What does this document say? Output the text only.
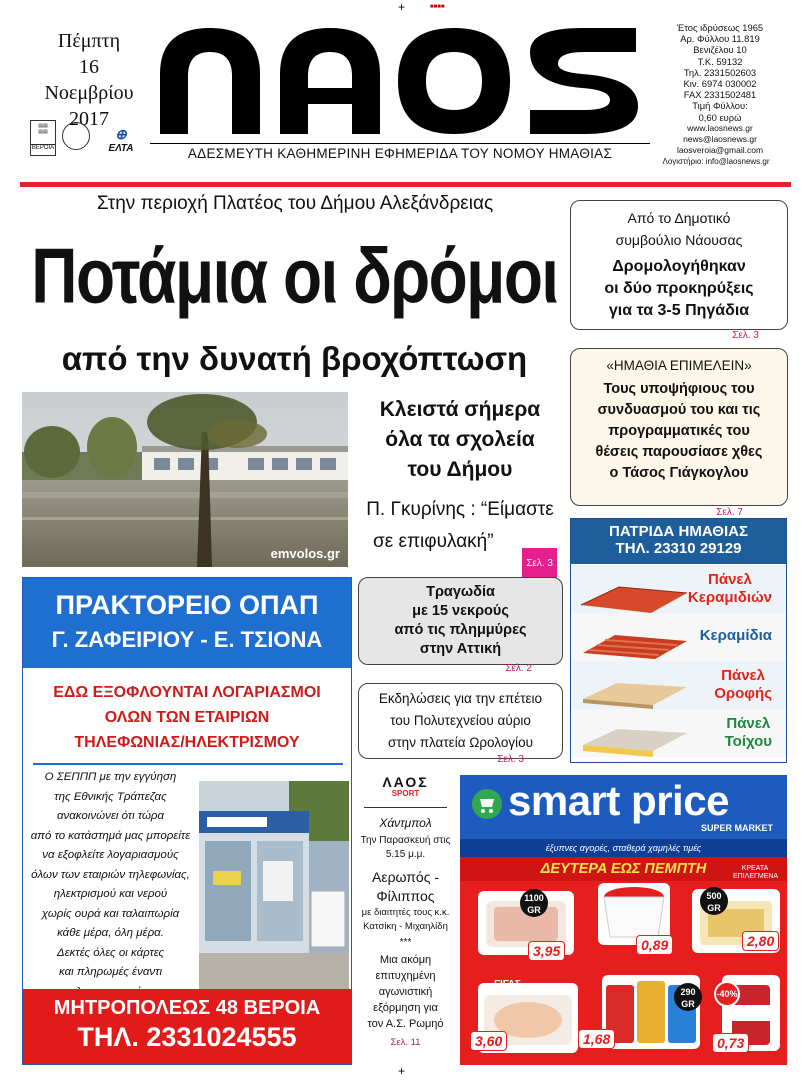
+	■■■■
+
Πέμπτη
16
Νοεμβρίου
2017
▤▤
▤▤
ΒΕΡΟΙΑ
⊕
ΕΛΤΑ	ΑΔΕΣΜΕΥΤΗ ΚΑΘΗΜΕΡΙΝΗ ΕΦΗΜΕΡΙΔΑ ΤΟΥ ΝΟΜΟΥ ΗΜΑΘΙΑΣ
Έτος ιδρύσεως 1965
Αρ. Φύλλου 11.819
Βενιζέλου 10
Τ.Κ. 59132
Τηλ. 2331502603
Κιν. 6974 030002
FAX 2331502481
Τιμή Φύλλου:
0,60 ευρώ
www.laosnews.gr
news@laosnews.gr
laosveroia@gmail.com
Λογιστήριο: info@laosnews.gr
Στην περιοχή Πλατέος του Δήμου Αλεξάνδρειας
Ποτάμια οι δρόμοι
από την δυνατή βροχόπτωση
emvolos.gr
Κλειστά σήμερα
όλα τα σχολεία
του Δήμου
Π. Γκυρίνης : “Είμαστε
σε επιφυλακή”
Σελ. 3
Από το Δημοτικό
συμβούλιο Νάουσας
Δρομολογήθηκαν
οι δύο προκηρύξεις
για τα 3-5 Πηγάδια
Σελ. 3
«ΗΜΑΘΙΑ ΕΠΙΜΕΛΕΙΝ»
Τους υποψήφιους του
συνδυασμού του και τις
προγραμματικές του
θέσεις παρουσίασε χθες
ο Τάσος Γιάγκογλου
Σελ. 7
ΠΡΑΚΤΟΡΕΙΟ ΟΠΑΠ
Γ. ΖΑΦΕΙΡΙΟΥ - Ε. ΤΣΙΟΝΑ
ΕΔΩ ΕΞΟΦΛΟΥΝΤΑΙ ΛΟΓΑΡΙΑΣΜΟΙ
ΟΛΩΝ ΤΩΝ ΕΤΑΙΡΙΩΝ
ΤΗΛΕΦΩΝΙΑΣ/ΗΛΕΚΤΡΙΣΜΟΥ
Ο ΣΕΠΠΠ με την εγγύηση
της Εθνικής Τράπεζας
ανακοινώνει ότι τώρα
από το κατάστημά μας μπορείτε
να εξοφλείτε λογαριασμούς
όλων των εταιριών τηλεφωνίας,
ηλεκτρισμού και νερού
χωρίς ουρά και ταλαιπωρία
κάθε μέρα, όλη μέρα.
Δεκτές όλες οι κάρτες
και πληρωμές έναντι
ΜΗΤΡΟΠΟΛΕΩΣ 48 ΒΕΡΟΙΑ
ΤΗΛ. 2331024555
Τραγωδία
με 15 νεκρούς
από τις πλημμύρες
στην Αττική
Σελ. 2
Εκδηλώσεις για την επέτειο
του Πολυτεχνείου αύριο
στην πλατεία Ωρολογίου
Σελ. 3
ΠΑΤΡΙΔΑ ΗΜΑΘΙΑΣ
ΤΗΛ. 23310 29129
Πάνελ
Κεραμιδιών
Κεραμίδια
Πάνελ
Οροφής
Πάνελ
Τοίχου
ΛΑΟΣ
SPORT
Χάντμπολ
Την Παρασκευή στις
5.15 μ.μ.
Αερωπός -
Φίλιππος
με διαιτητές τους κ.κ.
Κατσίκη - Μιχαηλίδη
***
Μια ακόμη
επιτυχημένη
αγωνιστική
εξόρμηση για
τον Α.Σ. Ρωμηό
Σελ. 11
smart price
SUPER MARKET
έξυπνες αγορές, σταθερά χαμηλές τιμές
ΔΕΥΤΕΡΑ ΕΩΣ ΠΕΜΠΤΗ	ΚΡΕΑΤΑ ΕΠΙΛΕΓΜΕΝΑ
1100 GR
3,95	0,89
500 GR
2,80
ΓΙΓΑΣ
3,60	1,68
290 GR
-40%
0,73
